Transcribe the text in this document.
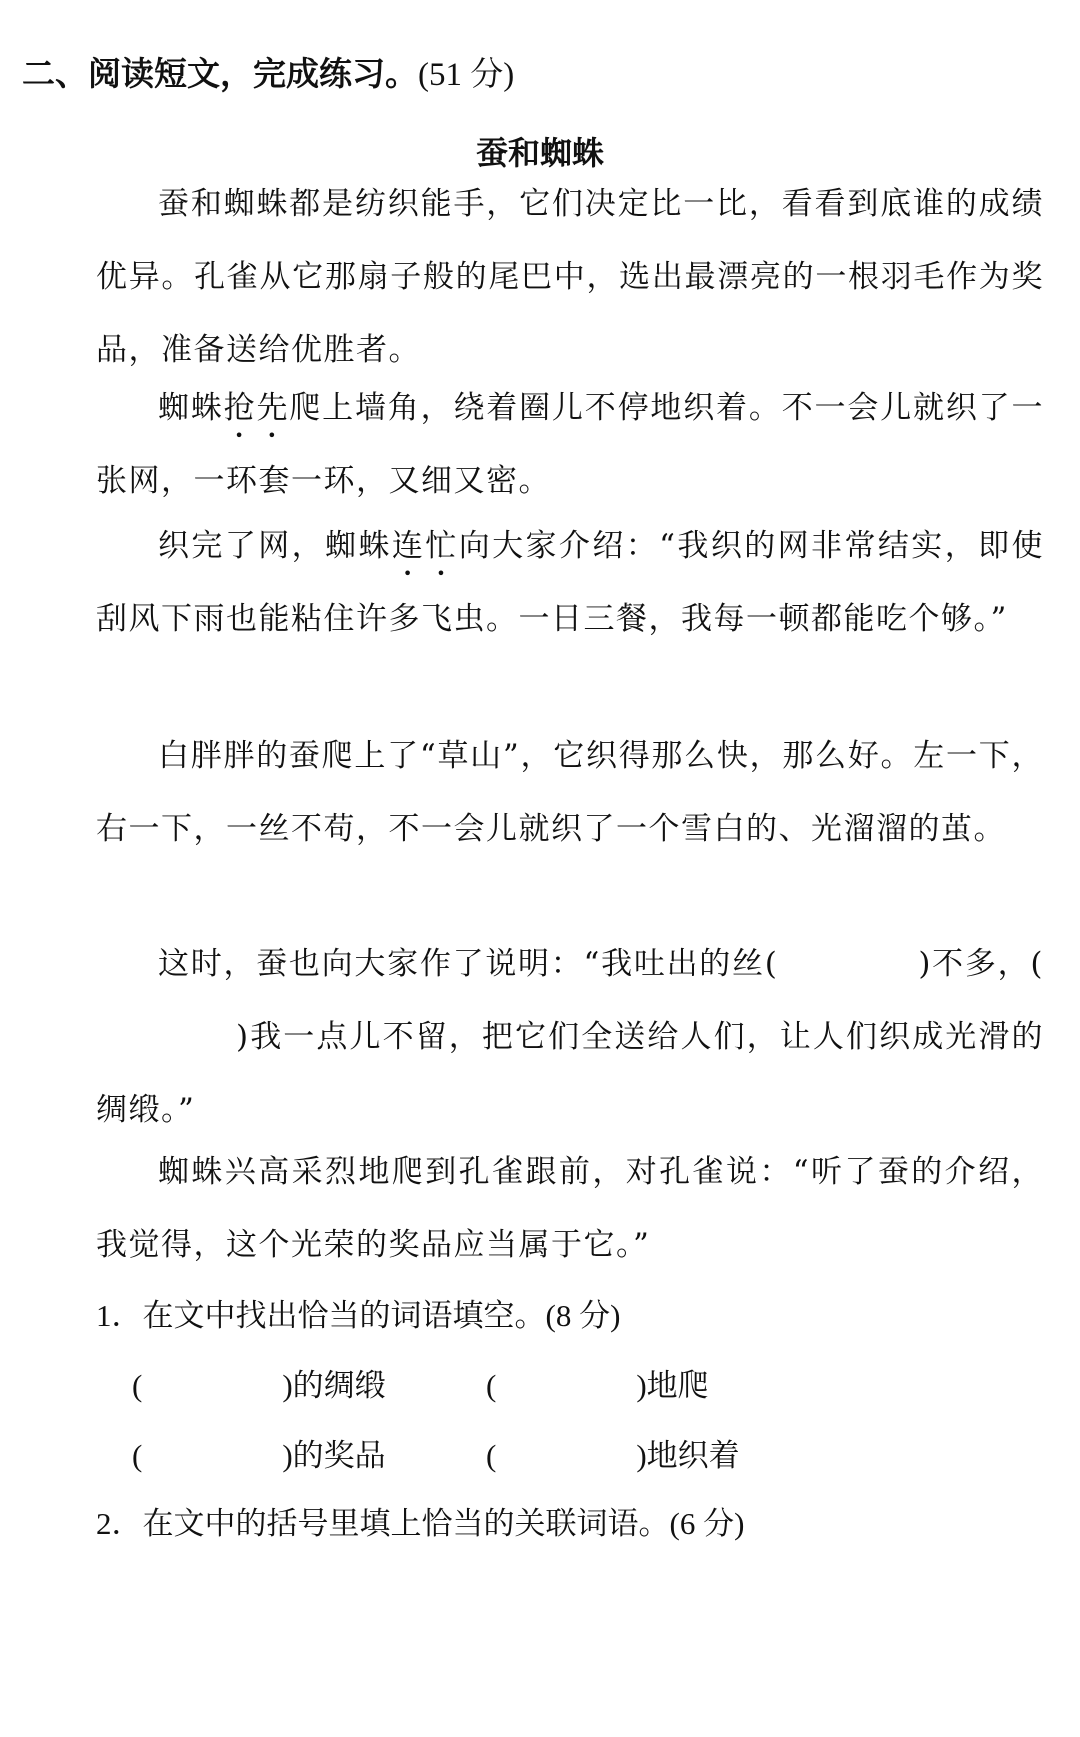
二、阅读短文，完成练习。(51 分)
蚕和蜘蛛
蚕和蜘蛛都是纺织能手，它们决定比一比，看看到底谁的成绩优异。孔雀从它那扇子般的尾巴中，选出最漂亮的一根羽毛作为奖品，准备送给优胜者。
蜘蛛抢先爬上墙角，绕着圈儿不停地织着。不一会儿就织了一张网，一环套一环，又细又密。
织完了网，蜘蛛连忙向大家介绍：“我织的网非常结实，即使刮风下雨也能粘住许多飞虫。一日三餐，我每一顿都能吃个够。”
白胖胖的蚕爬上了“草山”，它织得那么快，那么好。左一下，右一下，一丝不苟，不一会儿就织了一个雪白的、光溜溜的茧。
这时，蚕也向大家作了说明：“我吐出的丝(	)不多，()我一点儿不留，把它们全送给人们，让人们织成光滑的绸缎。”
蜘蛛兴高采烈地爬到孔雀跟前，对孔雀说：“听了蚕的介绍，我觉得，这个光荣的奖品应当属于它。”
1．在文中找出恰当的词语填空。(8 分)
(	)的绸缎	(	)地爬
(	)的奖品	(	)地织着
2．在文中的括号里填上恰当的关联词语。(6 分)
